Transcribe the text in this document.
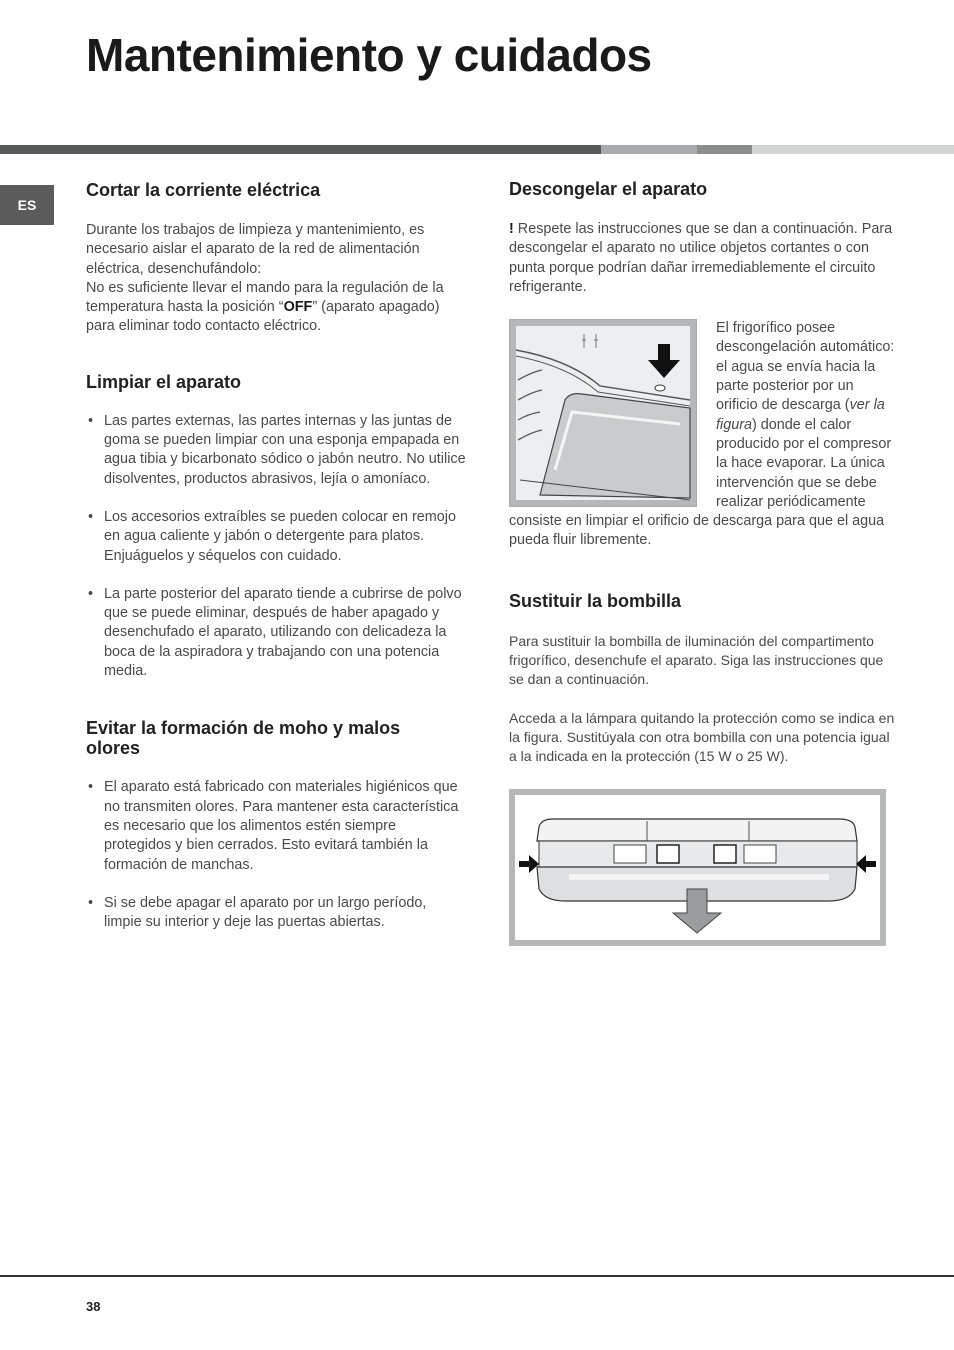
Mantenimiento y cuidados
ES
Cortar la corriente eléctrica

Durante los trabajos de limpieza y mantenimiento, es necesario aislar el aparato de la red de alimentación eléctrica, desenchufándolo:

No es suficiente llevar el mando para la regulación de la temperatura hasta la posición “OFF” (aparato apagado) para eliminar todo contacto eléctrico.

Limpiar el aparato
• Las partes externas, las partes internas y las juntas de goma se pueden limpiar con una esponja empapada en agua tibia y bicarbonato sódico o jabón neutro. No utilice disolventes, productos abrasivos, lejía o amoníaco.
• Los accesorios extraíbles se pueden colocar en remojo en agua caliente y jabón o detergente para platos. Enjuáguelos y séquelos con cuidado.
• La parte posterior del aparato tiende a cubrirse de polvo que se puede eliminar, después de haber apagado y desenchufado el aparato, utilizando con delicadeza la boca de la aspiradora y trabajando con una potencia media.
Evitar la formación de moho y malos olores
• El aparato está fabricado con materiales higiénicos que no transmiten olores. Para mantener esta característica es necesario que los alimentos estén siempre protegidos y bien cerrados. Esto evitará también la formación de manchas.
• Si se debe apagar el aparato por un largo período, limpie su interior y deje las puertas abiertas.
Descongelar el aparato

! Respete las instrucciones que se dan a continuación. Para descongelar el aparato no utilice objetos cortantes o con punta porque podrían dañar irremediablemente el circuito refrigerante.

El frigorífico posee descongelación automático: el agua se envía hacia la parte posterior por un orificio de descarga (ver la figura) donde el calor producido por el compresor la hace evaporar. La única intervención que se debe realizar periódicamente consiste en limpiar el orificio de descarga para que el agua pueda fluir libremente.

Sustituir la bombilla

Para sustituir la bombilla de iluminación del compartimento frigorífico, desenchufe el aparato. Siga las instrucciones que se dan a continuación.

Acceda a la lámpara quitando la protección como se indica en la figura. Sustitúyala con otra bombilla con una potencia igual a la indicada en la protección (15 W o 25 W).

38
